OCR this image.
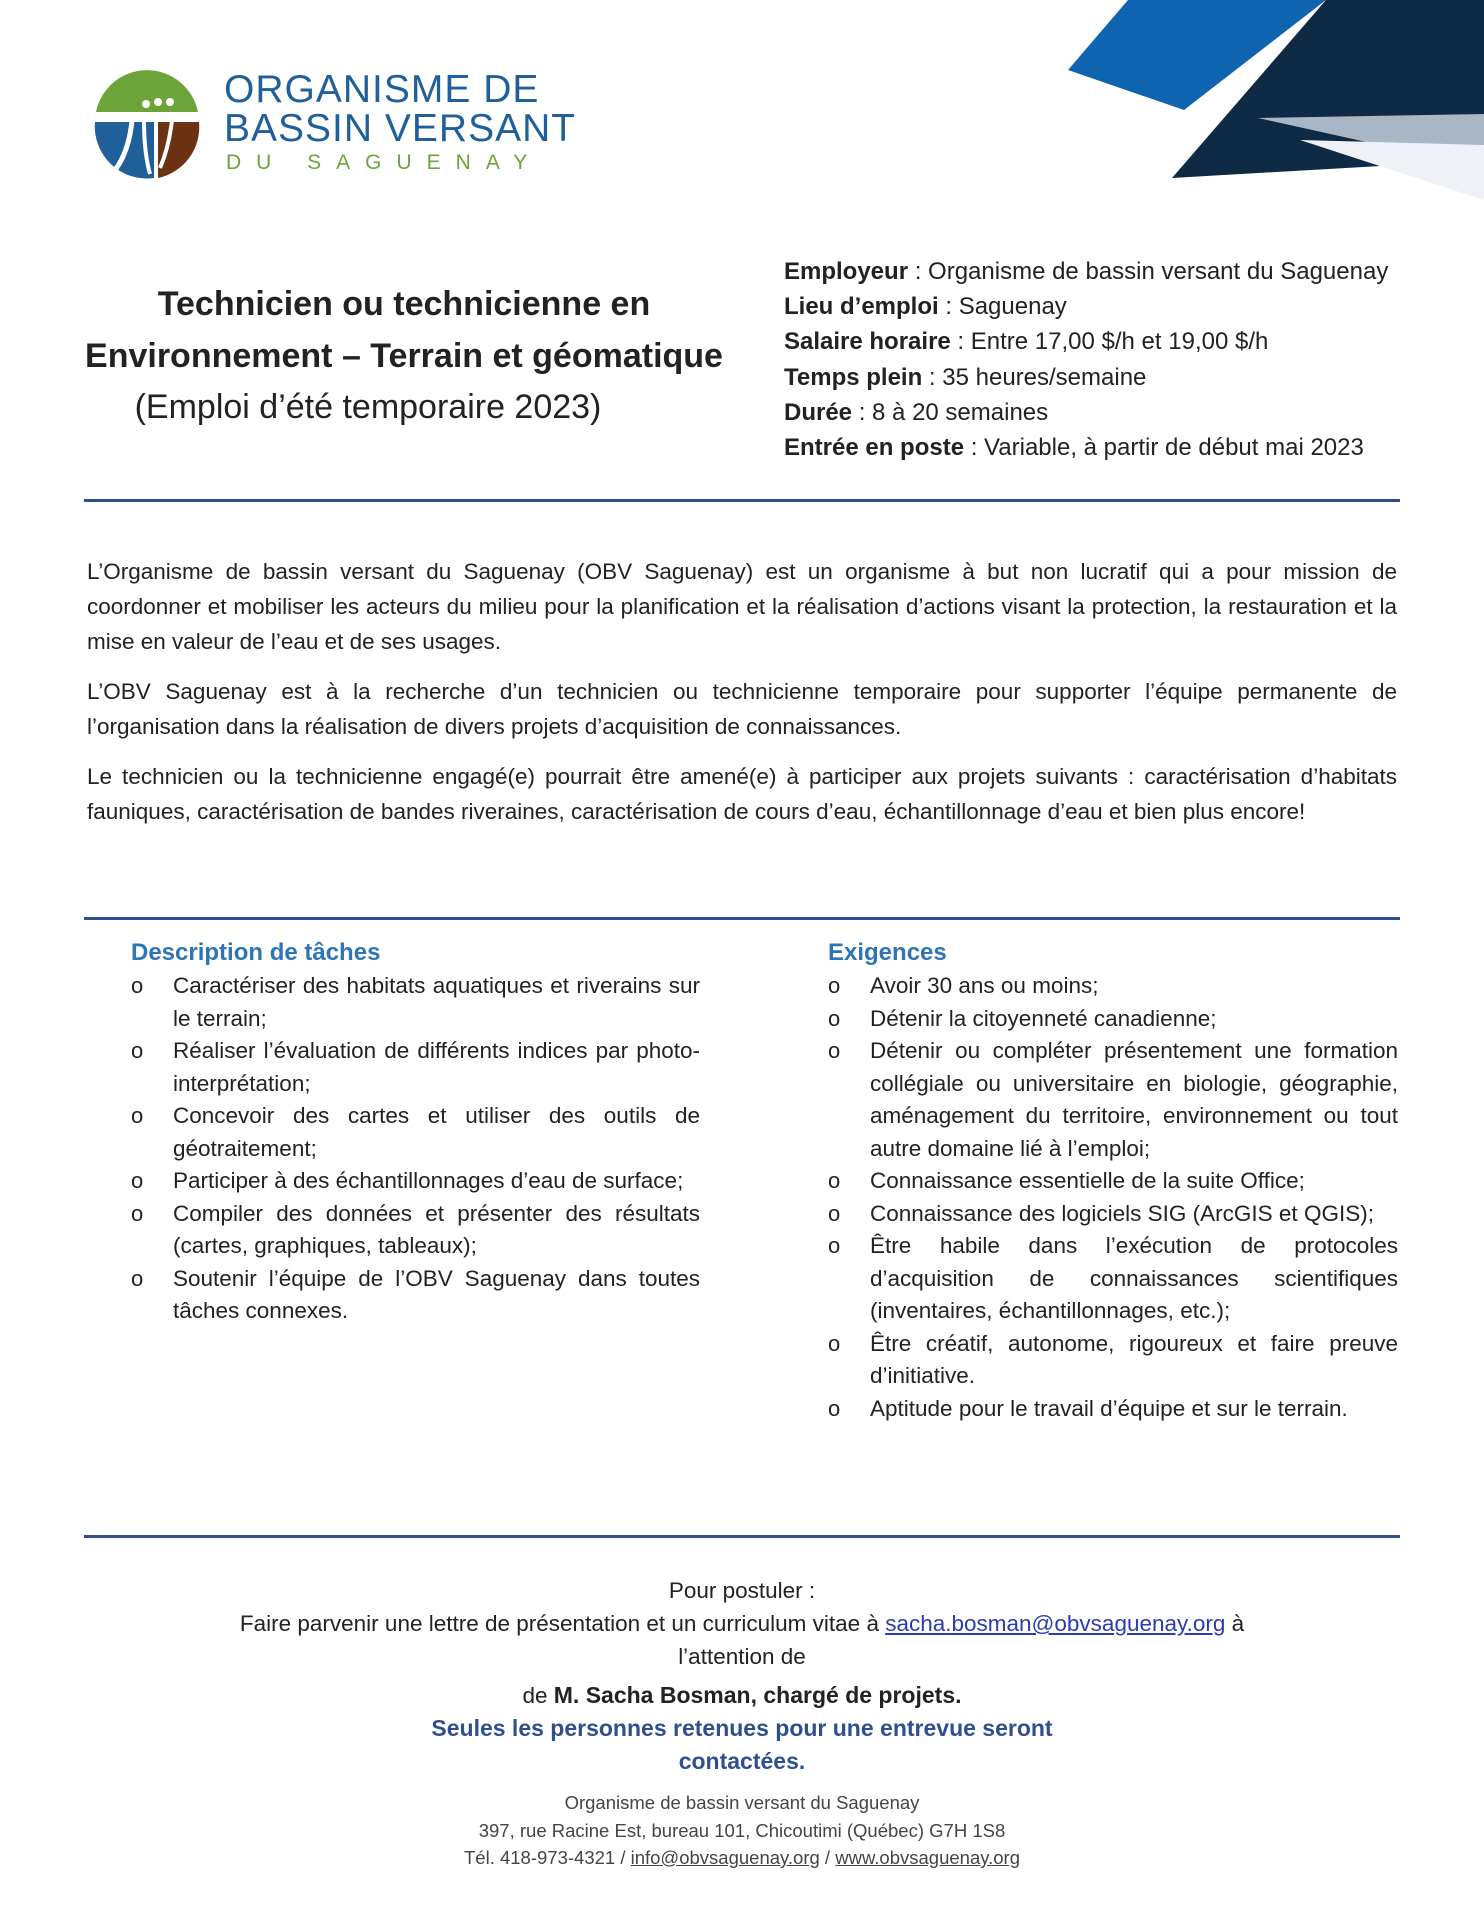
ORGANISME DE
BASSIN VERSANT
DU SAGUENAY
Technicien ou technicienne en
Environnement – Terrain et géomatique
(Emploi d’été temporaire 2023)
Employeur : Organisme de bassin versant du Saguenay
Lieu d’emploi : Saguenay
Salaire horaire : Entre 17,00 $/h et 19,00 $/h
Temps plein : 35 heures/semaine
Durée : 8 à 20 semaines
Entrée en poste : Variable, à partir de début mai 2023

L’Organisme de bassin versant du Saguenay (OBV Saguenay) est un organisme à but non lucratif qui a pour mission de coordonner et mobiliser les acteurs du milieu pour la planification et la réalisation d’actions visant la protection, la restauration et la mise en valeur de l’eau et de ses usages.

L’OBV Saguenay est à la recherche d’un technicien ou technicienne temporaire pour supporter l’équipe permanente de l’organisation dans la réalisation de divers projets d’acquisition de connaissances.

Le technicien ou la technicienne engagé(e) pourrait être amené(e) à participer aux projets suivants : caractérisation d’habitats fauniques, caractérisation de bandes riveraines, caractérisation de cours d’eau, échantillonnage d’eau et bien plus encore!

Description de tâches
o Caractériser des habitats aquatiques et riverains sur le terrain;
o Réaliser l’évaluation de différents indices par photo-interprétation;
o Concevoir des cartes et utiliser des outils de géotraitement;
o Participer à des échantillonnages d’eau de surface;
o Compiler des données et présenter des résultats (cartes, graphiques, tableaux);
o Soutenir l’équipe de l’OBV Saguenay dans toutes tâches connexes.
Exigences
o Avoir 30 ans ou moins;
o Détenir la citoyenneté canadienne;
o Détenir ou compléter présentement une formation collégiale ou universitaire en biologie, géographie, aménagement du territoire, environnement ou tout autre domaine lié à l’emploi;
o Connaissance essentielle de la suite Office;
o Connaissance des logiciels SIG (ArcGIS et QGIS);
o Être habile dans l’exécution de protocoles d’acquisition de connaissances scientifiques (inventaires, échantillonnages, etc.);
o Être créatif, autonome, rigoureux et faire preuve d’initiative.
o Aptitude pour le travail d’équipe et sur le terrain.
Pour postuler :
Faire parvenir une lettre de présentation et un curriculum vitae à sacha.bosman@obvsaguenay.org à
l’attention de
de M. Sacha Bosman, chargé de projets.
Seules les personnes retenues pour une entrevue seront
contactées.
Organisme de bassin versant du Saguenay
397, rue Racine Est, bureau 101, Chicoutimi (Québec) G7H 1S8
Tél. 418-973-4321 / info@obvsaguenay.org / www.obvsaguenay.org
